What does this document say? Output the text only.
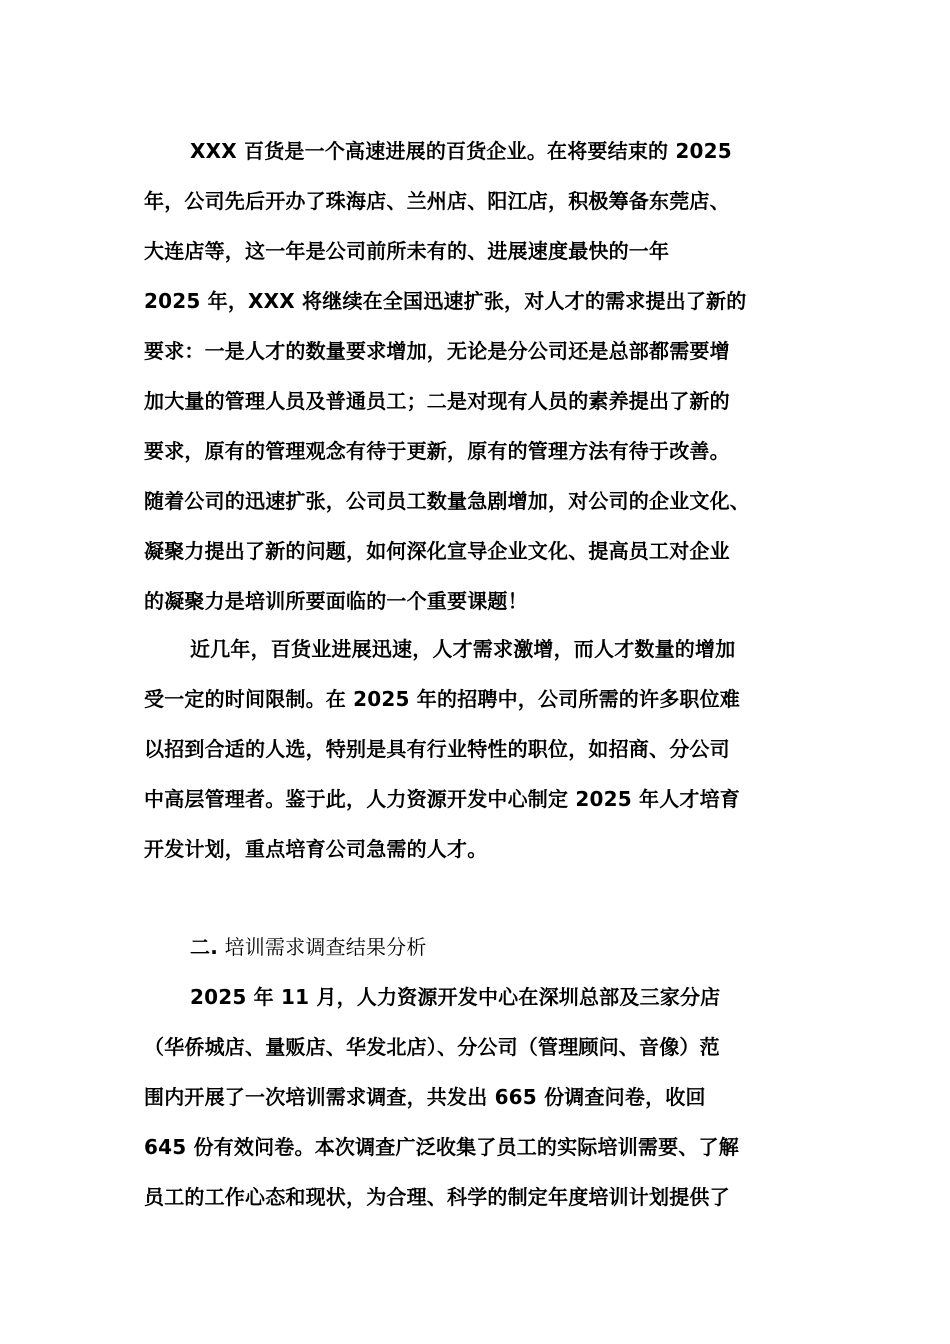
XXX 百货是一个高速进展的百货企业。在将要结束的 2025
年，公司先后开办了珠海店、兰州店、阳江店，积极筹备东莞店、
大连店等，这一年是公司前所未有的、进展速度最快的一年
2025 年，XXX 将继续在全国迅速扩张，对人才的需求提出了新的
要求：一是人才的数量要求增加，无论是分公司还是总部都需要增
加大量的管理人员及普通员工；二是对现有人员的素养提出了新的
要求，原有的管理观念有待于更新，原有的管理方法有待于改善。
随着公司的迅速扩张，公司员工数量急剧增加，对公司的企业文化、
凝聚力提出了新的问题，如何深化宣导企业文化、提高员工对企业
的凝聚力是培训所要面临的一个重要课题！
近几年，百货业进展迅速，人才需求激增，而人才数量的增加
受一定的时间限制。在 2025 年的招聘中，公司所需的许多职位难
以招到合适的人选，特别是具有行业特性的职位，如招商、分公司
中高层管理者。鉴于此，人力资源开发中心制定 2025 年人才培育
开发计划，重点培育公司急需的人才。
二. 培训需求调查结果分析
2025 年 11 月，人力资源开发中心在深圳总部及三家分店
（华侨城店、量贩店、华发北店）、分公司（管理顾问、音像）范
围内开展了一次培训需求调查，共发出 665 份调查问卷，收回
645 份有效问卷。本次调查广泛收集了员工的实际培训需要、了解
员工的工作心态和现状，为合理、科学的制定年度培训计划提供了
